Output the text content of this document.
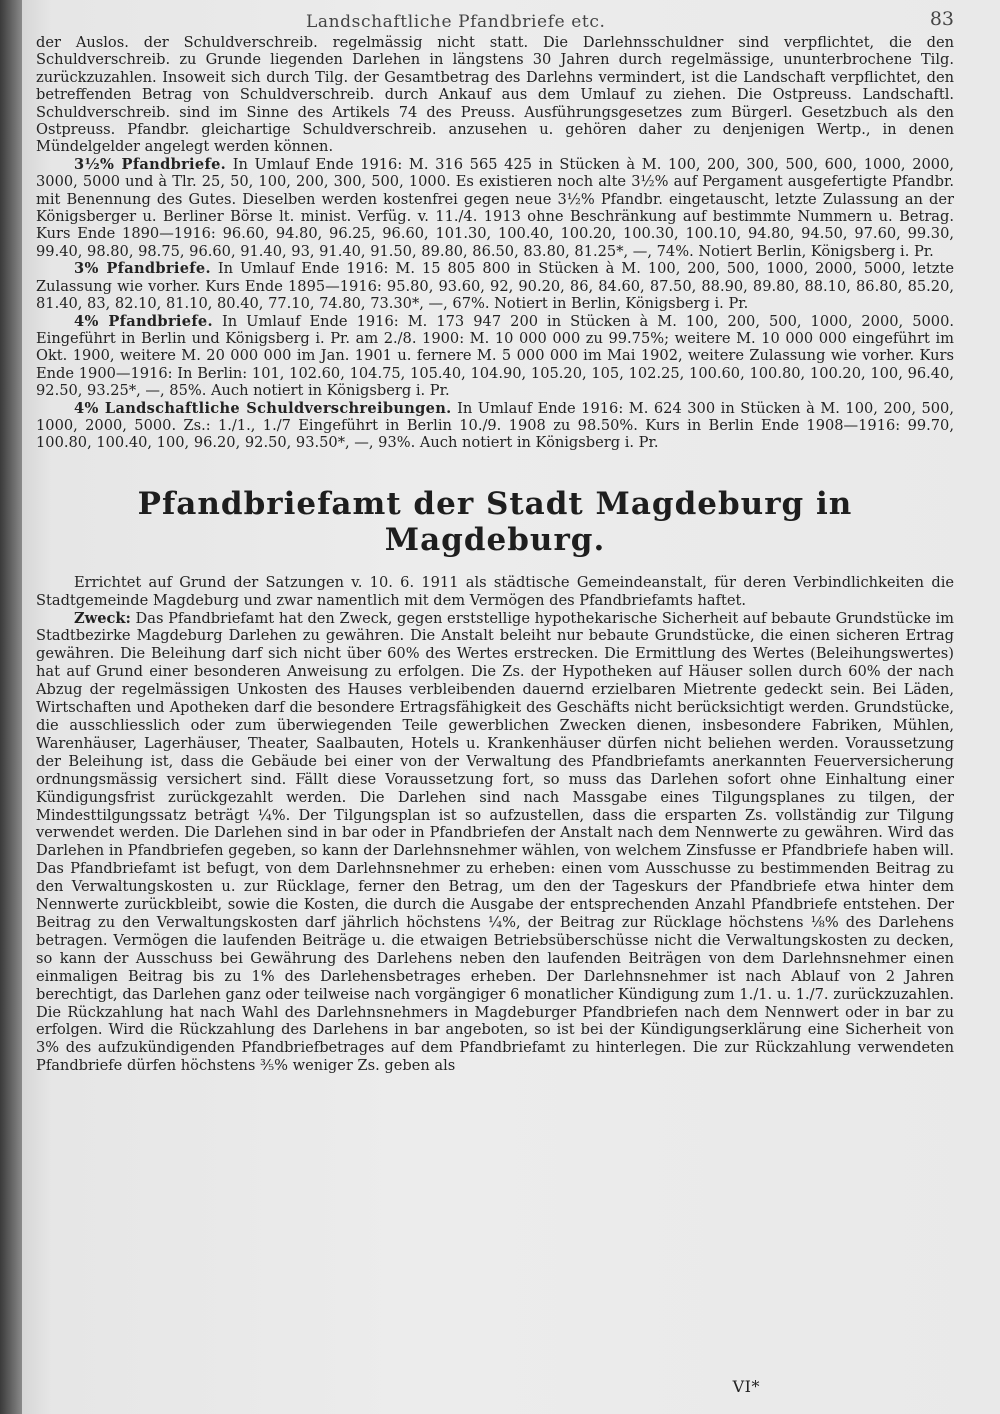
Landschaftliche Pfandbriefe etc.	83

der Auslos. der Schuldverschreib. regelmässig nicht statt. Die Darlehnsschuldner sind verpflichtet, die den Schuldverschreib. zu Grunde liegenden Darlehen in längstens 30 Jahren durch regelmässige, ununterbrochene Tilg. zurückzuzahlen. Insoweit sich durch Tilg. der Gesamtbetrag des Darlehns vermindert, ist die Landschaft verpflichtet, den betreffenden Betrag von Schuldverschreib. durch Ankauf aus dem Umlauf zu ziehen. Die Ostpreuss. Landschaftl. Schuldverschreib. sind im Sinne des Artikels 74 des Preuss. Ausführungsgesetzes zum Bürgerl. Gesetzbuch als den Ostpreuss. Pfandbr. gleichartige Schuldverschreib. anzusehen u. gehören daher zu denjenigen Wertp., in denen Mündelgelder angelegt werden können.

3½% Pfandbriefe. In Umlauf Ende 1916: M. 316 565 425 in Stücken à M. 100, 200, 300, 500, 600, 1000, 2000, 3000, 5000 und à Tlr. 25, 50, 100, 200, 300, 500, 1000. Es existieren noch alte 3½% auf Pergament ausgefertigte Pfandbr. mit Benennung des Gutes. Dieselben werden kostenfrei gegen neue 3½% Pfandbr. eingetauscht, letzte Zulassung an der Königsberger u. Berliner Börse lt. minist. Verfüg. v. 11./4. 1913 ohne Beschränkung auf bestimmte Nummern u. Betrag. Kurs Ende 1890—1916: 96.60, 94.80, 96.25, 96.60, 101.30, 100.40, 100.20, 100.30, 100.10, 94.80, 94.50, 97.60, 99.30, 99.40, 98.80, 98.75, 96.60, 91.40, 93, 91.40, 91.50, 89.80, 86.50, 83.80, 81.25*, —, 74%. Notiert Berlin, Königsberg i. Pr.

3% Pfandbriefe. In Umlauf Ende 1916: M. 15 805 800 in Stücken à M. 100, 200, 500, 1000, 2000, 5000, letzte Zulassung wie vorher. Kurs Ende 1895—1916: 95.80, 93.60, 92, 90.20, 86, 84.60, 87.50, 88.90, 89.80, 88.10, 86.80, 85.20, 81.40, 83, 82.10, 81.10, 80.40, 77.10, 74.80, 73.30*, —, 67%. Notiert in Berlin, Königsberg i. Pr.

4% Pfandbriefe. In Umlauf Ende 1916: M. 173 947 200 in Stücken à M. 100, 200, 500, 1000, 2000, 5000. Eingeführt in Berlin und Königsberg i. Pr. am 2./8. 1900: M. 10 000 000 zu 99.75%; weitere M. 10 000 000 eingeführt im Okt. 1900, weitere M. 20 000 000 im Jan. 1901 u. fernere M. 5 000 000 im Mai 1902, weitere Zulassung wie vorher. Kurs Ende 1900—1916: In Berlin: 101, 102.60, 104.75, 105.40, 104.90, 105.20, 105, 102.25, 100.60, 100.80, 100.20, 100, 96.40, 92.50, 93.25*, —, 85%. Auch notiert in Königsberg i. Pr.

4% Landschaftliche Schuldverschreibungen. In Umlauf Ende 1916: M. 624 300 in Stücken à M. 100, 200, 500, 1000, 2000, 5000. Zs.: 1./1., 1./7 Eingeführt in Berlin 10./9. 1908 zu 98.50%. Kurs in Berlin Ende 1908—1916: 99.70, 100.80, 100.40, 100, 96.20, 92.50, 93.50*, —, 93%. Auch notiert in Königsberg i. Pr.

Pfandbriefamt der Stadt Magdeburg in Magdeburg.

Errichtet auf Grund der Satzungen v. 10. 6. 1911 als städtische Gemeindeanstalt, für deren Verbindlichkeiten die Stadtgemeinde Magdeburg und zwar namentlich mit dem Vermögen des Pfandbriefamts haftet.

Zweck: Das Pfandbriefamt hat den Zweck, gegen erststellige hypothekarische Sicherheit auf bebaute Grundstücke im Stadtbezirke Magdeburg Darlehen zu gewähren. Die Anstalt beleiht nur bebaute Grundstücke, die einen sicheren Ertrag gewähren. Die Beleihung darf sich nicht über 60% des Wertes erstrecken. Die Ermittlung des Wertes (Beleihungswertes) hat auf Grund einer besonderen Anweisung zu erfolgen. Die Zs. der Hypotheken auf Häuser sollen durch 60% der nach Abzug der regelmässigen Unkosten des Hauses verbleibenden dauernd erzielbaren Mietrente gedeckt sein. Bei Läden, Wirtschaften und Apotheken darf die besondere Ertragsfähigkeit des Geschäfts nicht berücksichtigt werden. Grundstücke, die ausschliesslich oder zum überwiegenden Teile gewerblichen Zwecken dienen, insbesondere Fabriken, Mühlen, Warenhäuser, Lagerhäuser, Theater, Saalbauten, Hotels u. Krankenhäuser dürfen nicht beliehen werden. Voraussetzung der Beleihung ist, dass die Gebäude bei einer von der Verwaltung des Pfandbriefamts anerkannten Feuerversicherung ordnungsmässig versichert sind. Fällt diese Voraussetzung fort, so muss das Darlehen sofort ohne Einhaltung einer Kündigungsfrist zurückgezahlt werden. Die Darlehen sind nach Massgabe eines Tilgungsplanes zu tilgen, der Mindesttilgungssatz beträgt ¼%. Der Tilgungsplan ist so aufzustellen, dass die ersparten Zs. vollständig zur Tilgung verwendet werden. Die Darlehen sind in bar oder in Pfandbriefen der Anstalt nach dem Nennwerte zu gewähren. Wird das Darlehen in Pfandbriefen gegeben, so kann der Darlehnsnehmer wählen, von welchem Zinsfusse er Pfandbriefe haben will. Das Pfandbriefamt ist befugt, von dem Darlehnsnehmer zu erheben: einen vom Ausschusse zu bestimmenden Beitrag zu den Verwaltungskosten u. zur Rücklage, ferner den Betrag, um den der Tageskurs der Pfandbriefe etwa hinter dem Nennwerte zurückbleibt, sowie die Kosten, die durch die Ausgabe der entsprechenden Anzahl Pfandbriefe entstehen. Der Beitrag zu den Verwaltungskosten darf jährlich höchstens ¼%, der Beitrag zur Rücklage höchstens ⅛% des Darlehens betragen. Vermögen die laufenden Beiträge u. die etwaigen Betriebsüberschüsse nicht die Verwaltungskosten zu decken, so kann der Ausschuss bei Gewährung des Darlehens neben den laufenden Beiträgen von dem Darlehnsnehmer einen einmaligen Beitrag bis zu 1% des Darlehensbetrages erheben. Der Darlehnsnehmer ist nach Ablauf von 2 Jahren berechtigt, das Darlehen ganz oder teilweise nach vorgängiger 6 monatlicher Kündigung zum 1./1. u. 1./7. zurückzuzahlen. Die Rückzahlung hat nach Wahl des Darlehnsnehmers in Magdeburger Pfandbriefen nach dem Nennwert oder in bar zu erfolgen. Wird die Rückzahlung des Darlehens in bar angeboten, so ist bei der Kündigungserklärung eine Sicherheit von 3% des aufzukündigenden Pfandbriefbetrages auf dem Pfandbriefamt zu hinterlegen. Die zur Rückzahlung verwendeten Pfandbriefe dürfen höchstens ⅗% weniger Zs. geben als

VI*
